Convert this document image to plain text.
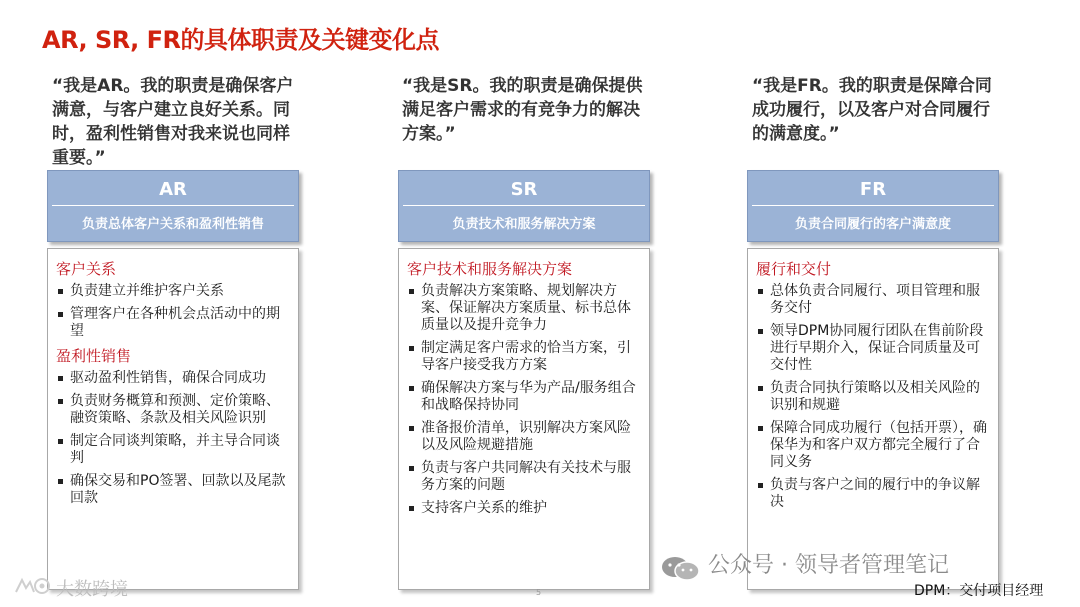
AR, SR, FR的具体职责及关键变化点
“我是AR。我的职责是确保客户满意，与客户建立良好关系。同时，盈利性销售对我来说也同样重要。”
“我是SR。我的职责是确保提供满足客户需求的有竞争力的解决方案。”
“我是FR。我的职责是保障合同成功履行，以及客户对合同履行的满意度。”
AR
负责总体客户关系和盈利性销售
SR
负责技术和服务解决方案
FR
负责合同履行的客户满意度
客户关系
负责建立并维护客户关系
管理客户在各种机会点活动中的期望
盈利性销售
驱动盈利性销售，确保合同成功
负责财务概算和预测、定价策略、融资策略、条款及相关风险识别
制定合同谈判策略，并主导合同谈判
确保交易和PO签署、回款以及尾款回款
客户技术和服务解决方案
负责解决方案策略、规划解决方案、保证解决方案质量、标书总体质量以及提升竞争力
制定满足客户需求的恰当方案，引导客户接受我方方案
确保解决方案与华为产品/服务组合和战略保持协同
准备报价清单，识别解决方案风险以及风险规避措施
负责与客户共同解决有关技术与服务方案的问题
支持客户关系的维护
履行和交付
总体负责合同履行、项目管理和服务交付
领导DPM协同履行团队在售前阶段进行早期介入，保证合同质量及可交付性
负责合同执行策略以及相关风险的识别和规避
保障合同成功履行（包括开票），确保华为和客户双方都完全履行了合同义务
负责与客户之间的履行中的争议解决
公众号 · 领导者管理笔记
DPM：交付项目经理
大数跨境	5
